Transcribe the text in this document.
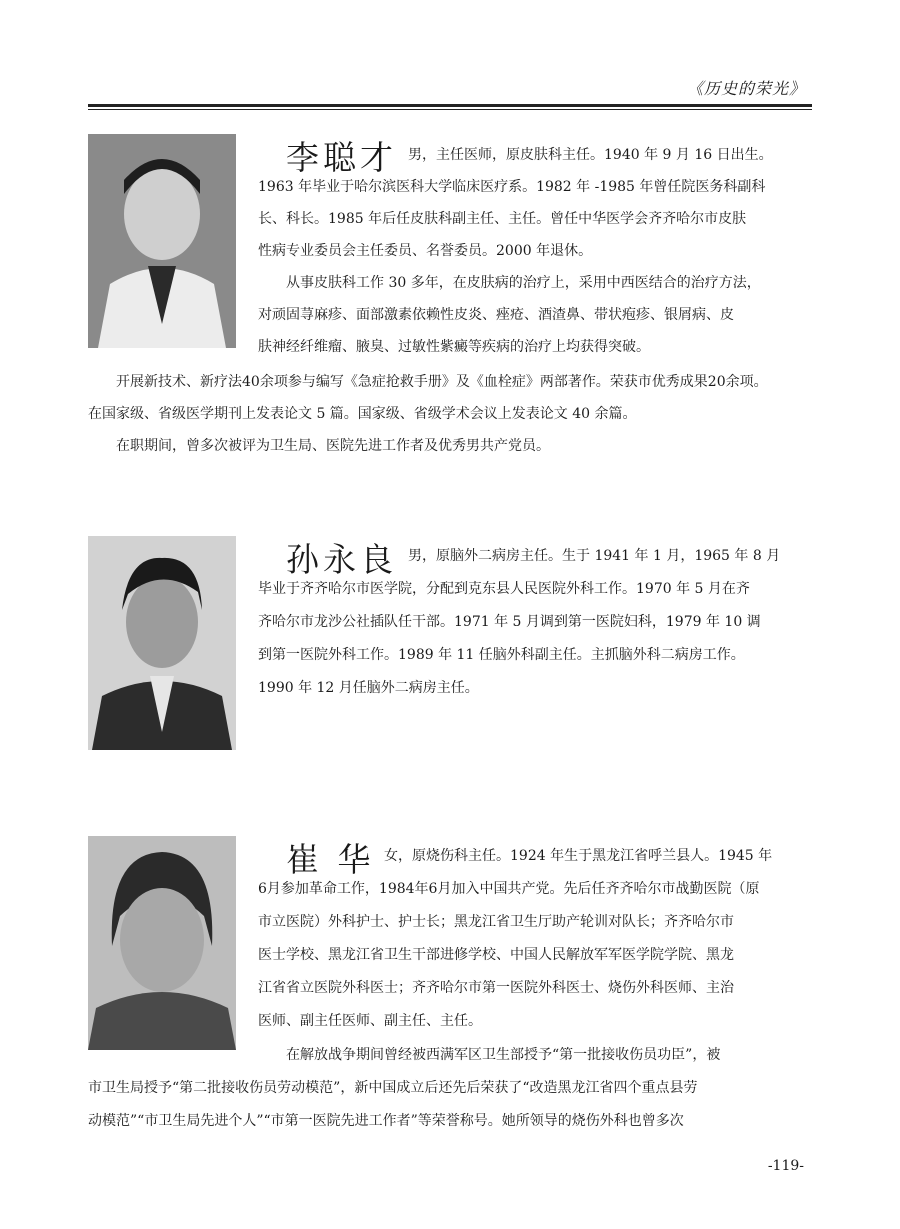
《历史的荣光》
李聪才 男，主任医师，原皮肤科主任。1940 年 9 月 16 日出生。
1963 年毕业于哈尔滨医科大学临床医疗系。1982 年 -1985 年曾任院医务科副科
长、科长。1985 年后任皮肤科副主任、主任。曾任中华医学会齐齐哈尔市皮肤
性病专业委员会主任委员、名誉委员。2000 年退休。
从事皮肤科工作 30 多年，在皮肤病的治疗上，采用中西医结合的治疗方法，
对顽固荨麻疹、面部激素依赖性皮炎、痤疮、酒渣鼻、带状疱疹、银屑病、皮
肤神经纤维瘤、腋臭、过敏性紫癜等疾病的治疗上均获得突破。
开展新技术、新疗法40余项参与编写《急症抢救手册》及《血栓症》两部著作。荣获市优秀成果20余项。
在国家级、省级医学期刊上发表论文 5 篇。国家级、省级学术会议上发表论文 40 余篇。
在职期间，曾多次被评为卫生局、医院先进工作者及优秀男共产党员。
孙永良 男，原脑外二病房主任。生于 1941 年 1 月，1965 年 8 月
毕业于齐齐哈尔市医学院，分配到克东县人民医院外科工作。1970 年 5 月在齐
齐哈尔市龙沙公社插队任干部。1971 年 5 月调到第一医院妇科，1979 年 10 调
到第一医院外科工作。1989 年 11 任脑外科副主任。主抓脑外科二病房工作。
1990 年 12 月任脑外二病房主任。
崔 华 女，原烧伤科主任。1924 年生于黑龙江省呼兰县人。1945 年
6月参加革命工作，1984年6月加入中国共产党。先后任齐齐哈尔市战勤医院（原
市立医院）外科护士、护士长；黑龙江省卫生厅助产轮训对队长；齐齐哈尔市
医士学校、黑龙江省卫生干部进修学校、中国人民解放军军医学院学院、黑龙
江省省立医院外科医士；齐齐哈尔市第一医院外科医士、烧伤外科医师、主治
医师、副主任医师、副主任、主任。
在解放战争期间曾经被西满军区卫生部授予“第一批接收伤员功臣”，被
市卫生局授予“第二批接收伤员劳动模范”，新中国成立后还先后荣获了“改造黑龙江省四个重点县劳
动模范”“市卫生局先进个人”“市第一医院先进工作者”等荣誉称号。她所领导的烧伤外科也曾多次
-119-
